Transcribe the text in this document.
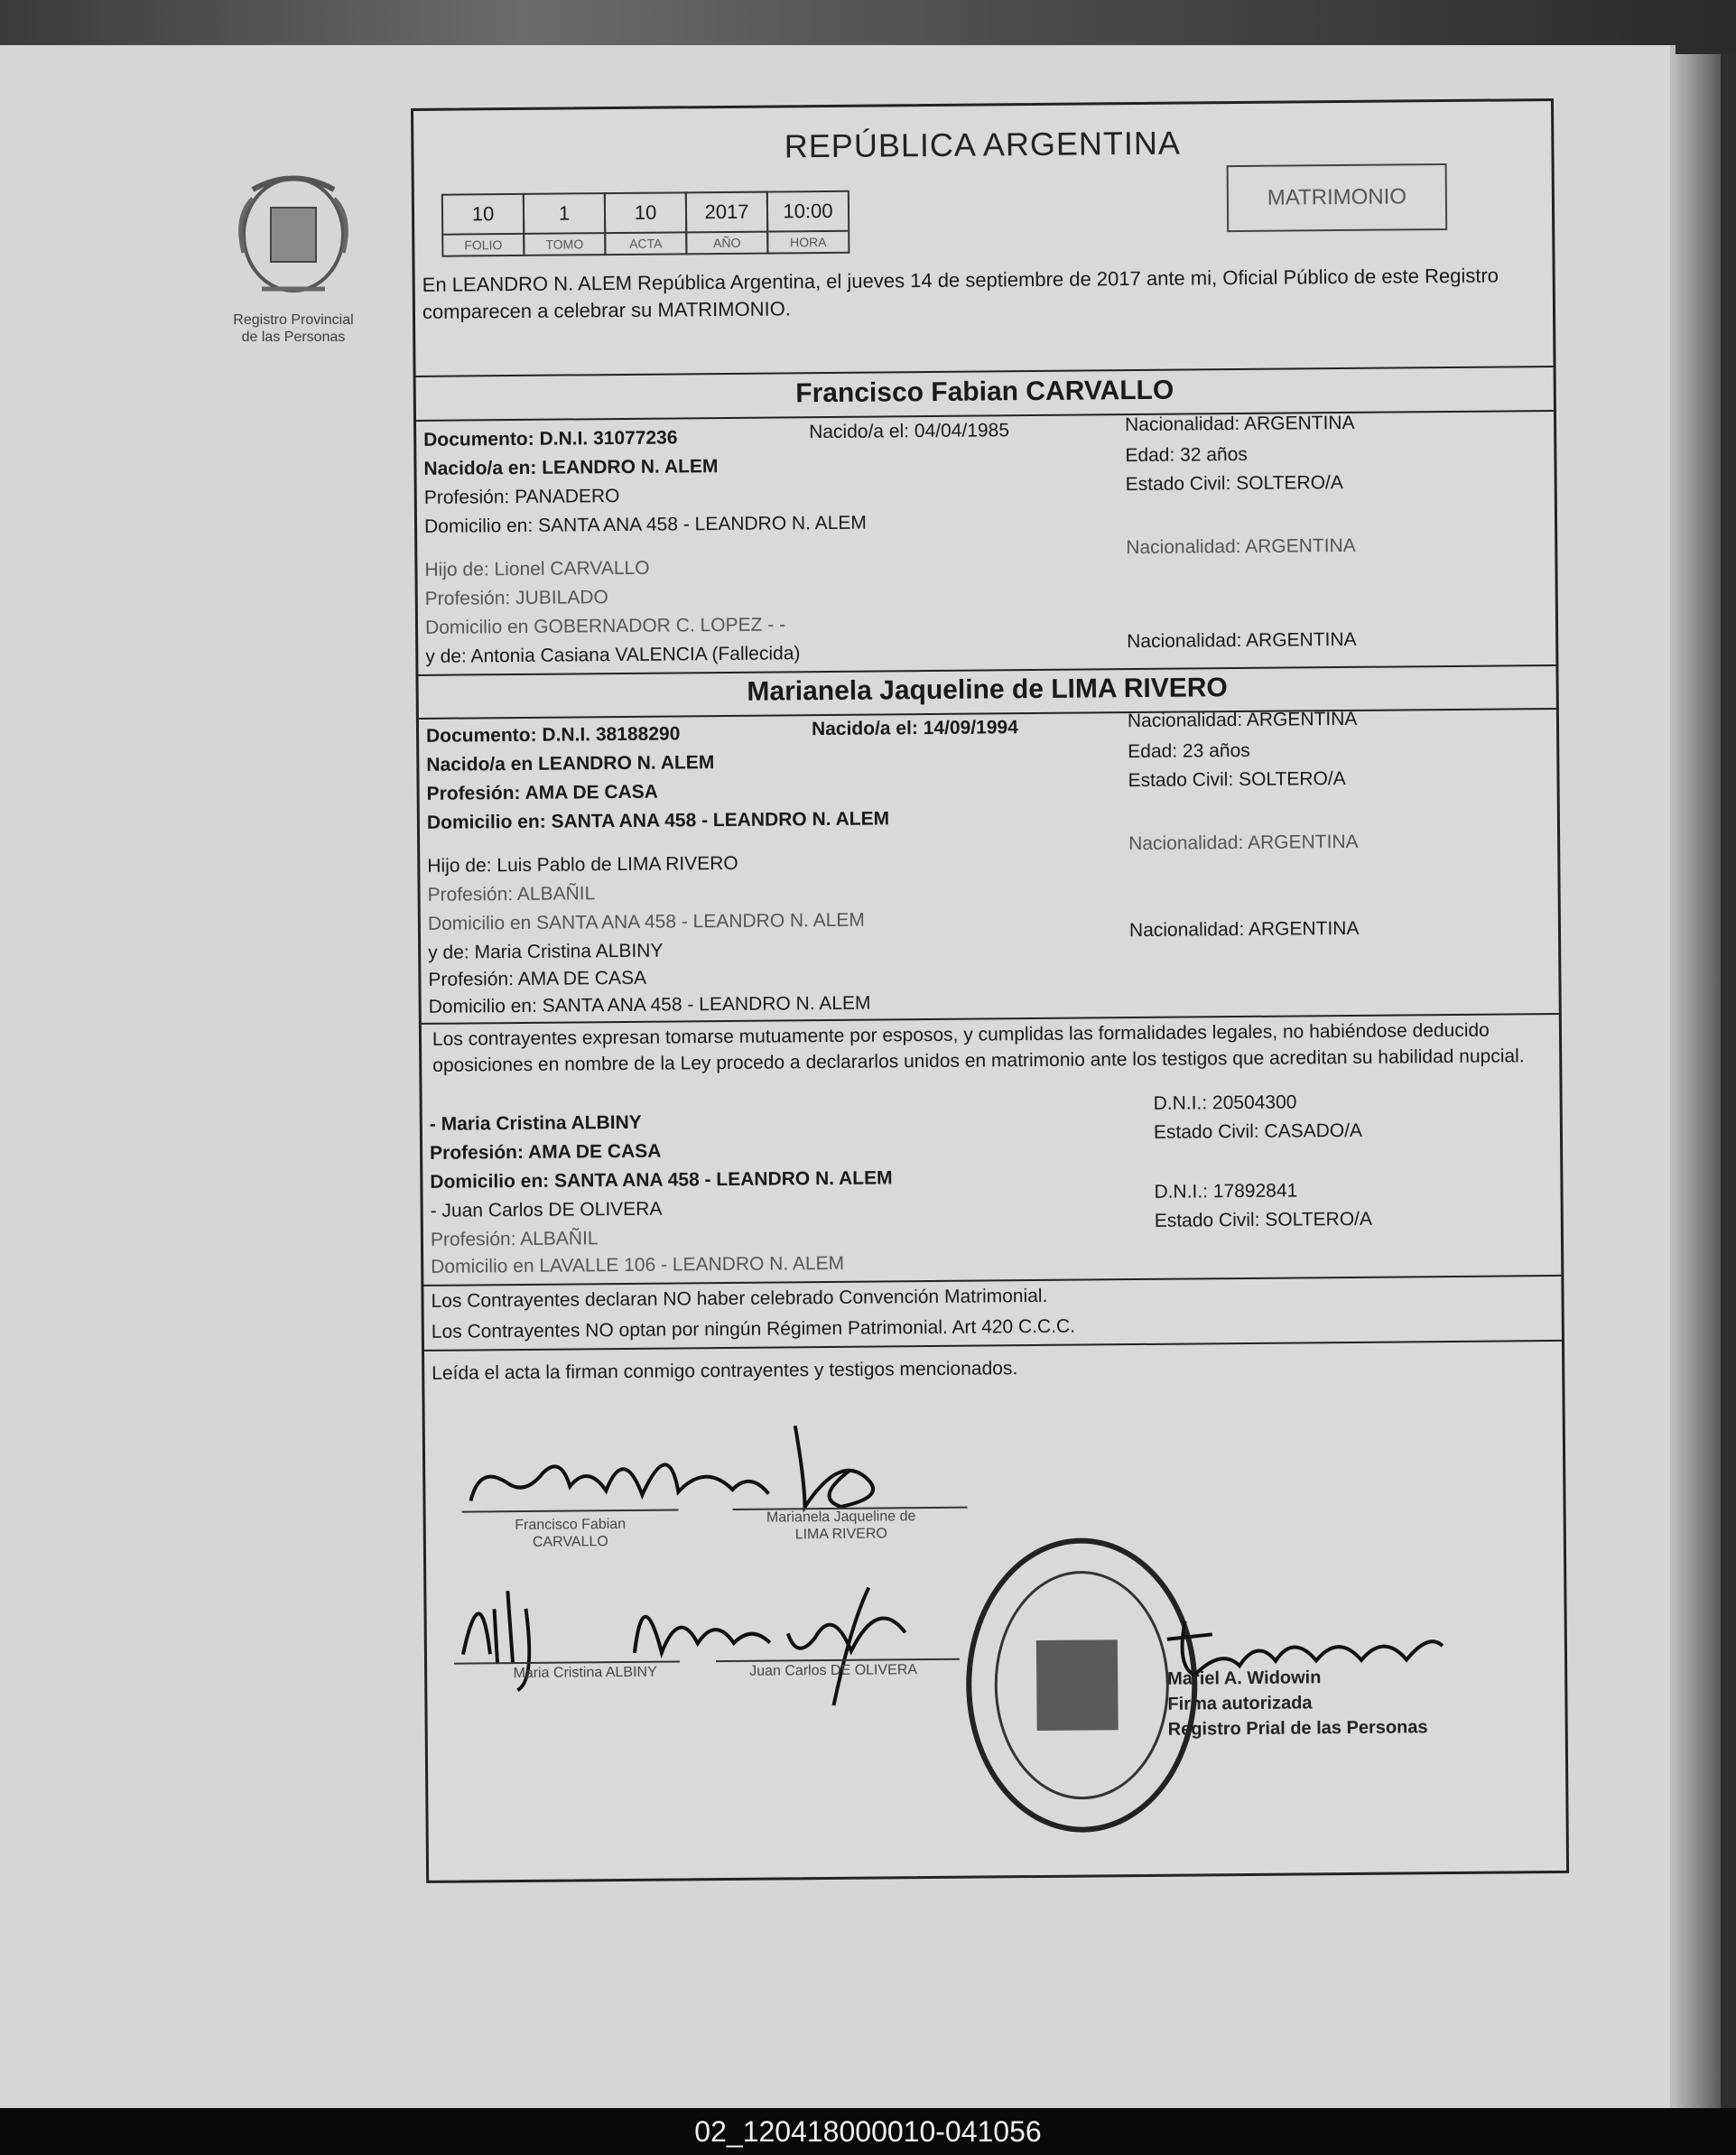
Registro Provincial
de las Personas
REPÚBLICA ARGENTINA
10
FOLIO
1
TOMO
10
ACTA
2017
AÑO
10:00
HORA
MATRIMONIO
En LEANDRO N. ALEM República Argentina, el jueves 14 de septiembre de 2017 ante mi, Oficial Público de este Registro comparecen a celebrar su MATRIMONIO.
Francisco Fabian CARVALLO
Documento: D.N.I. 31077236	Nacido/a el: 04/04/1985	Nacionalidad: ARGENTINA
Nacido/a en: LEANDRO N. ALEM
Edad: 32 años
Profesión: PANADERO
Estado Civil: SOLTERO/A
Domicilio en: SANTA ANA 458 - LEANDRO N. ALEM
Hijo de: Lionel CARVALLO
Nacionalidad: ARGENTINA
Profesión: JUBILADO
Domicilio en GOBERNADOR C. LOPEZ - -
y de: Antonia Casiana VALENCIA (Fallecida)
Nacionalidad: ARGENTINA
Marianela Jaqueline de LIMA RIVERO
Documento: D.N.I. 38188290	Nacido/a el: 14/09/1994	Nacionalidad: ARGENTINA
Nacido/a en LEANDRO N. ALEM
Edad: 23 años
Profesión: AMA DE CASA
Estado Civil: SOLTERO/A
Domicilio en: SANTA ANA 458 - LEANDRO N. ALEM
Hijo de: Luis Pablo de LIMA RIVERO
Nacionalidad: ARGENTINA
Profesión: ALBAÑIL
Domicilio en SANTA ANA 458 - LEANDRO N. ALEM
y de: Maria Cristina ALBINY
Nacionalidad: ARGENTINA
Profesión: AMA DE CASA
Domicilio en: SANTA ANA 458 - LEANDRO N. ALEM
Los contrayentes expresan tomarse mutuamente por esposos, y cumplidas las formalidades legales, no habiéndose deducido oposiciones en nombre de la Ley procedo a declararlos unidos en matrimonio ante los testigos que acreditan su habilidad nupcial.
- Maria Cristina ALBINY
D.N.I.: 20504300
Profesión: AMA DE CASA
Estado Civil: CASADO/A
Domicilio en: SANTA ANA 458 - LEANDRO N. ALEM
- Juan Carlos DE OLIVERA
D.N.I.: 17892841
Profesión: ALBAÑIL
Estado Civil: SOLTERO/A
Domicilio en LAVALLE 106 - LEANDRO N. ALEM
Los Contrayentes declaran NO haber celebrado Convención Matrimonial.
Los Contrayentes NO optan por ningún Régimen Patrimonial. Art 420 C.C.C.
Leída el acta la firman conmigo contrayentes y testigos mencionados.
Francisco Fabian
CARVALLO
Marianela Jaqueline de
LIMA RIVERO
Maria Cristina ALBINY	Juan Carlos DE OLIVERA	Mariel A. Widowin
Firma autorizada
Registro Prial de las Personas
02_120418000010-041056
